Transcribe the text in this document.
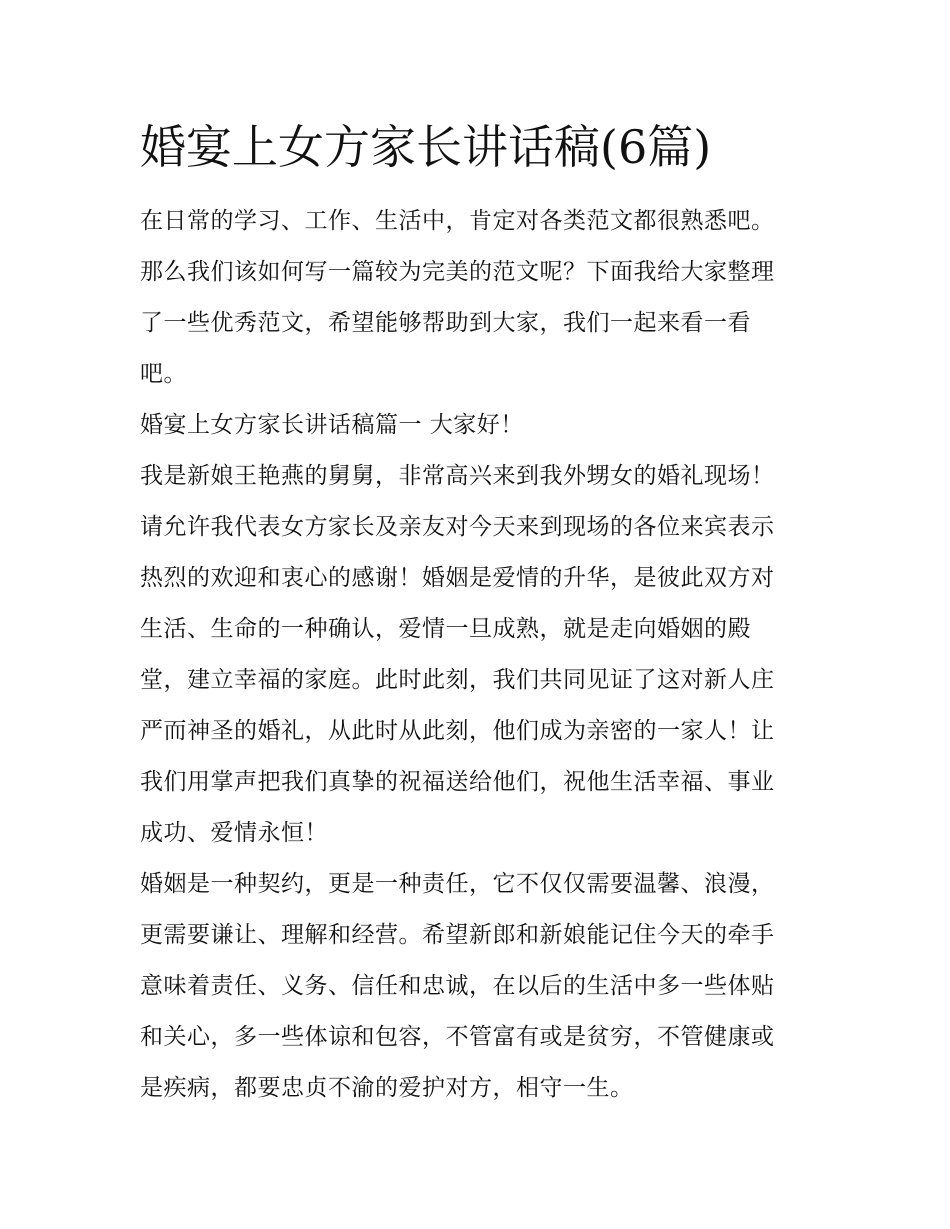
婚宴上女方家长讲话稿(6篇)
在日常的学习、工作、生活中，肯定对各类范文都很熟悉吧。
那么我们该如何写一篇较为完美的范文呢？下面我给大家整理
了一些优秀范文，希望能够帮助到大家，我们一起来看一看
吧。
婚宴上女方家长讲话稿篇一 大家好！
我是新娘王艳燕的舅舅，非常高兴来到我外甥女的婚礼现场！
请允许我代表女方家长及亲友对今天来到现场的各位来宾表示
热烈的欢迎和衷心的感谢！婚姻是爱情的升华，是彼此双方对
生活、生命的一种确认，爱情一旦成熟，就是走向婚姻的殿
堂，建立幸福的家庭。此时此刻，我们共同见证了这对新人庄
严而神圣的婚礼，从此时从此刻，他们成为亲密的一家人！让
我们用掌声把我们真挚的祝福送给他们，祝他生活幸福、事业
成功、爱情永恒！
婚姻是一种契约，更是一种责任，它不仅仅需要温馨、浪漫，
更需要谦让、理解和经营。希望新郎和新娘能记住今天的牵手
意味着责任、义务、信任和忠诚，在以后的生活中多一些体贴
和关心，多一些体谅和包容，不管富有或是贫穷，不管健康或
是疾病，都要忠贞不渝的爱护对方，相守一生。
